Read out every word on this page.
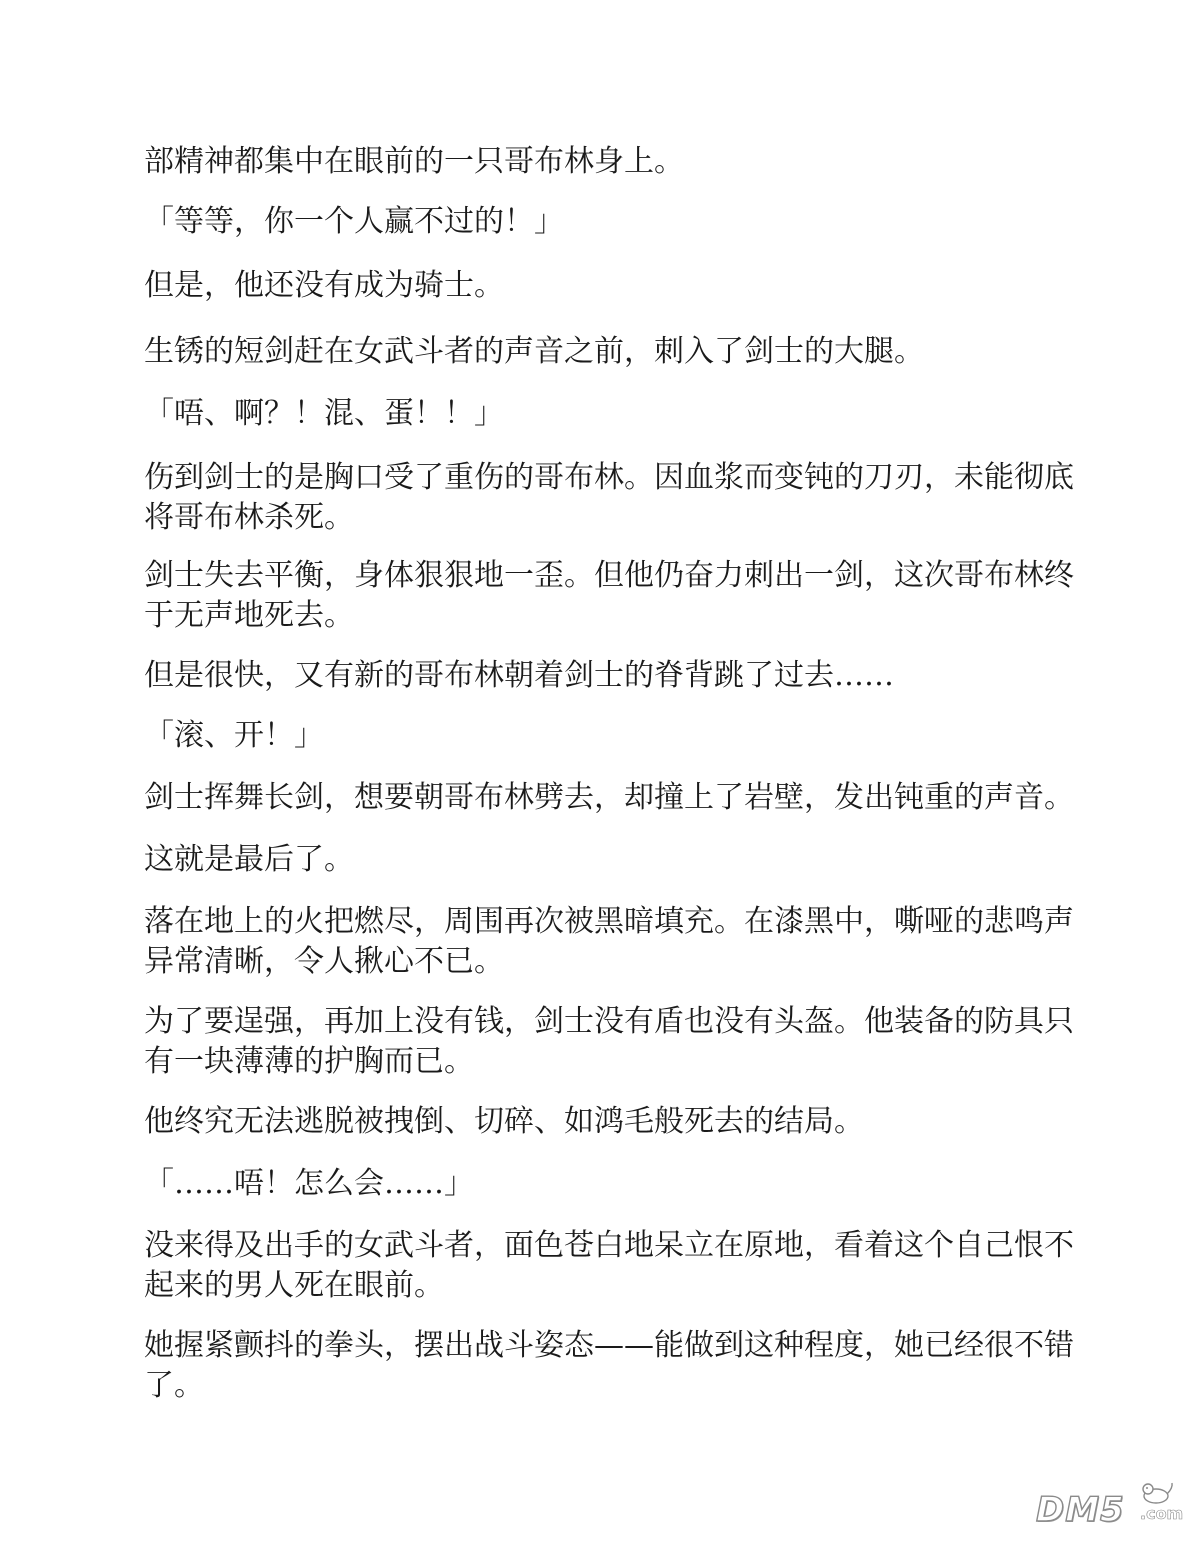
部精神都集中在眼前的一只哥布林身上。

「等等，你一个人赢不过的！」

但是，他还没有成为骑士。

生锈的短剑赶在女武斗者的声音之前，刺入了剑士的大腿。

「唔、啊？！混、蛋！！」

伤到剑士的是胸口受了重伤的哥布林。因血浆而变钝的刀刃，未能彻底

将哥布林杀死。

剑士失去平衡，身体狠狠地一歪。但他仍奋力刺出一剑，这次哥布林终

于无声地死去。

但是很快，又有新的哥布林朝着剑士的脊背跳了过去……

「滚、开！」

剑士挥舞长剑，想要朝哥布林劈去，却撞上了岩壁，发出钝重的声音。

这就是最后了。

落在地上的火把燃尽，周围再次被黑暗填充。在漆黑中，嘶哑的悲鸣声

异常清晰，令人揪心不已。

为了要逞强，再加上没有钱，剑士没有盾也没有头盔。他装备的防具只

有一块薄薄的护胸而已。

他终究无法逃脱被拽倒、切碎、如鸿毛般死去的结局。

「……唔！怎么会……」

没来得及出手的女武斗者，面色苍白地呆立在原地，看着这个自己恨不

起来的男人死在眼前。

她握紧颤抖的拳头，摆出战斗姿态——能做到这种程度，她已经很不错

了。

DM5 .com
